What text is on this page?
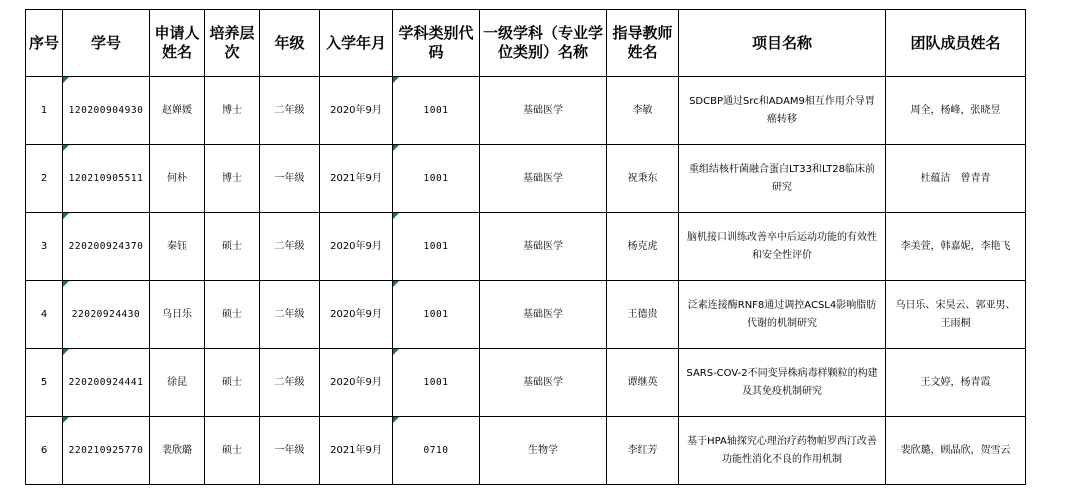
序号	学号	申请人姓名	培养层次	年级	入学年月	学科类别代码	一级学科（专业学位类别）名称	指导教师姓名	项目名称	团队成员姓名
1	120200904930	赵婵媛	博士	二年级	2020年9月	1001	基础医学	李敏	SDCBP通过Src和ADAM9相互作用介导胃癌转移	周全，杨峰，张晓昱
2	120210905511	何朴	博士	一年级	2021年9月	1001	基础医学	祝秉东	重组结核杆菌融合蛋白LT33和LT28临床前研究	杜蕴洁　曾青青
3	220200924370	秦钰	硕士	二年级	2020年9月	1001	基础医学	杨克虎	脑机接口训练改善卒中后运动功能的有效性和安全性评价	李美萱，韩嘉妮，李艳飞
4	22020924430	乌日乐	硕士	二年级	2020年9月	1001	基础医学	王德贵	泛素连接酶RNF8通过调控ACSL4影响脂肪代谢的机制研究	乌日乐、宋昊云、郭亚男、王雨桐
5	220200924441	徐昆	硕士	二年级	2020年9月	1001	基础医学	谭继英	SARS-COV-2不同变异株病毒样颗粒的构建及其免疫机制研究	王文婷，杨青霞
6	220210925770	裴欣璐	硕士	一年级	2021年9月	0710	生物学	李红芳	基于HPA轴探究心理治疗药物帕罗西汀改善功能性消化不良的作用机制	裴欣璐，顾晶欣，贺雪云
